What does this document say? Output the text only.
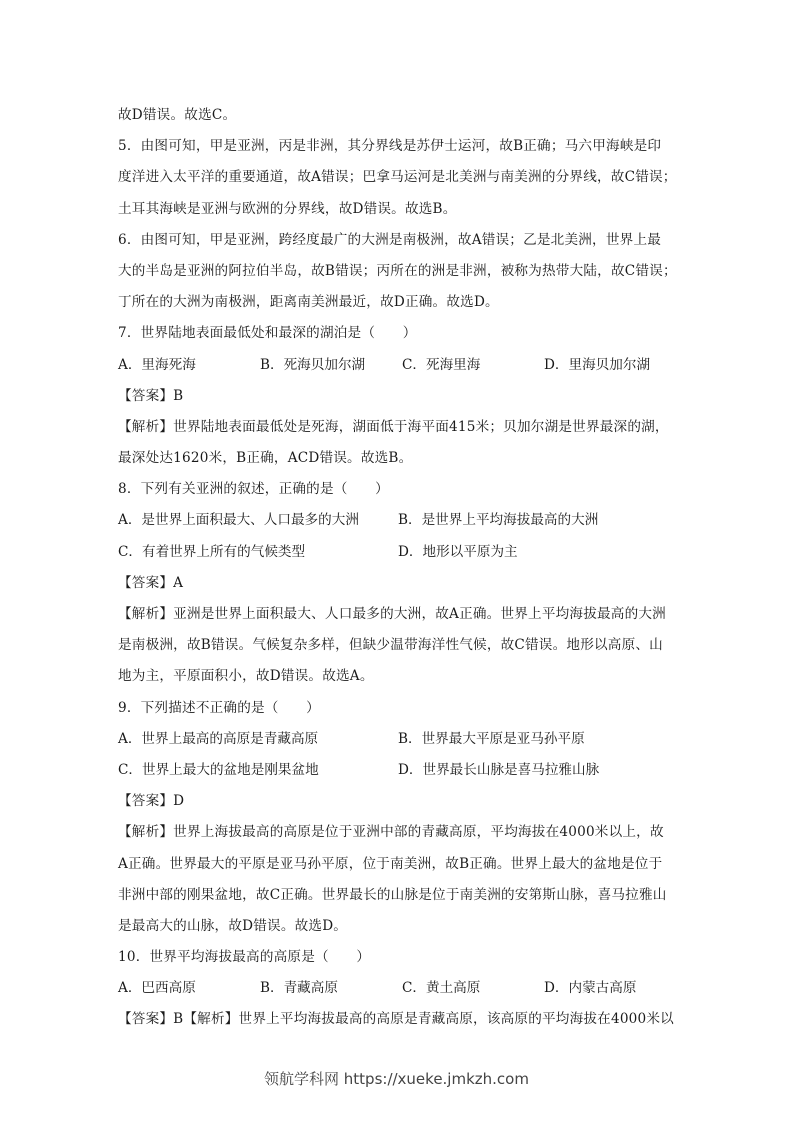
故D错误。故选C。
5．由图可知，甲是亚洲，丙是非洲，其分界线是苏伊士运河，故B正确；马六甲海峡是印
度洋进入太平洋的重要通道，故A错误；巴拿马运河是北美洲与南美洲的分界线，故C错误；
土耳其海峡是亚洲与欧洲的分界线，故D错误。故选B。
6．由图可知，甲是亚洲，跨经度最广的大洲是南极洲，故A错误；乙是北美洲，世界上最
大的半岛是亚洲的阿拉伯半岛，故B错误；丙所在的洲是非洲，被称为热带大陆，故C错误；
丁所在的大洲为南极洲，距离南美洲最近，故D正确。故选D。
7．世界陆地表面最低处和最深的湖泊是（　　）
A．里海死海	B．死海贝加尔湖	C．死海里海	D．里海贝加尔湖
【答案】B
【解析】世界陆地表面最低处是死海，湖面低于海平面415米；贝加尔湖是世界最深的湖，
最深处达1620米，B正确，ACD错误。故选B。
8．下列有关亚洲的叙述，正确的是（　　）
A．是世界上面积最大、人口最多的大洲	B．是世界上平均海拔最高的大洲
C．有着世界上所有的气候类型	D．地形以平原为主
【答案】A
【解析】亚洲是世界上面积最大、人口最多的大洲，故A正确。世界上平均海拔最高的大洲
是南极洲，故B错误。气候复杂多样，但缺少温带海洋性气候，故C错误。地形以高原、山
地为主，平原面积小，故D错误。故选A。
9．下列描述不正确的是（　　）
A．世界上最高的高原是青藏高原	B．世界最大平原是亚马孙平原
C．世界上最大的盆地是刚果盆地	D．世界最长山脉是喜马拉雅山脉
【答案】D
【解析】世界上海拔最高的高原是位于亚洲中部的青藏高原，平均海拔在4000米以上，故
A正确。世界最大的平原是亚马孙平原，位于南美洲，故B正确。世界上最大的盆地是位于
非洲中部的刚果盆地，故C正确。世界最长的山脉是位于南美洲的安第斯山脉，喜马拉雅山
是最高大的山脉，故D错误。故选D。
10．世界平均海拔最高的高原是（　　）
A．巴西高原	B．青藏高原	C．黄土高原	D．内蒙古高原
【答案】B【解析】世界上平均海拔最高的高原是青藏高原，该高原的平均海拔在4000米以
领航学科网 https://xueke.jmkzh.com
